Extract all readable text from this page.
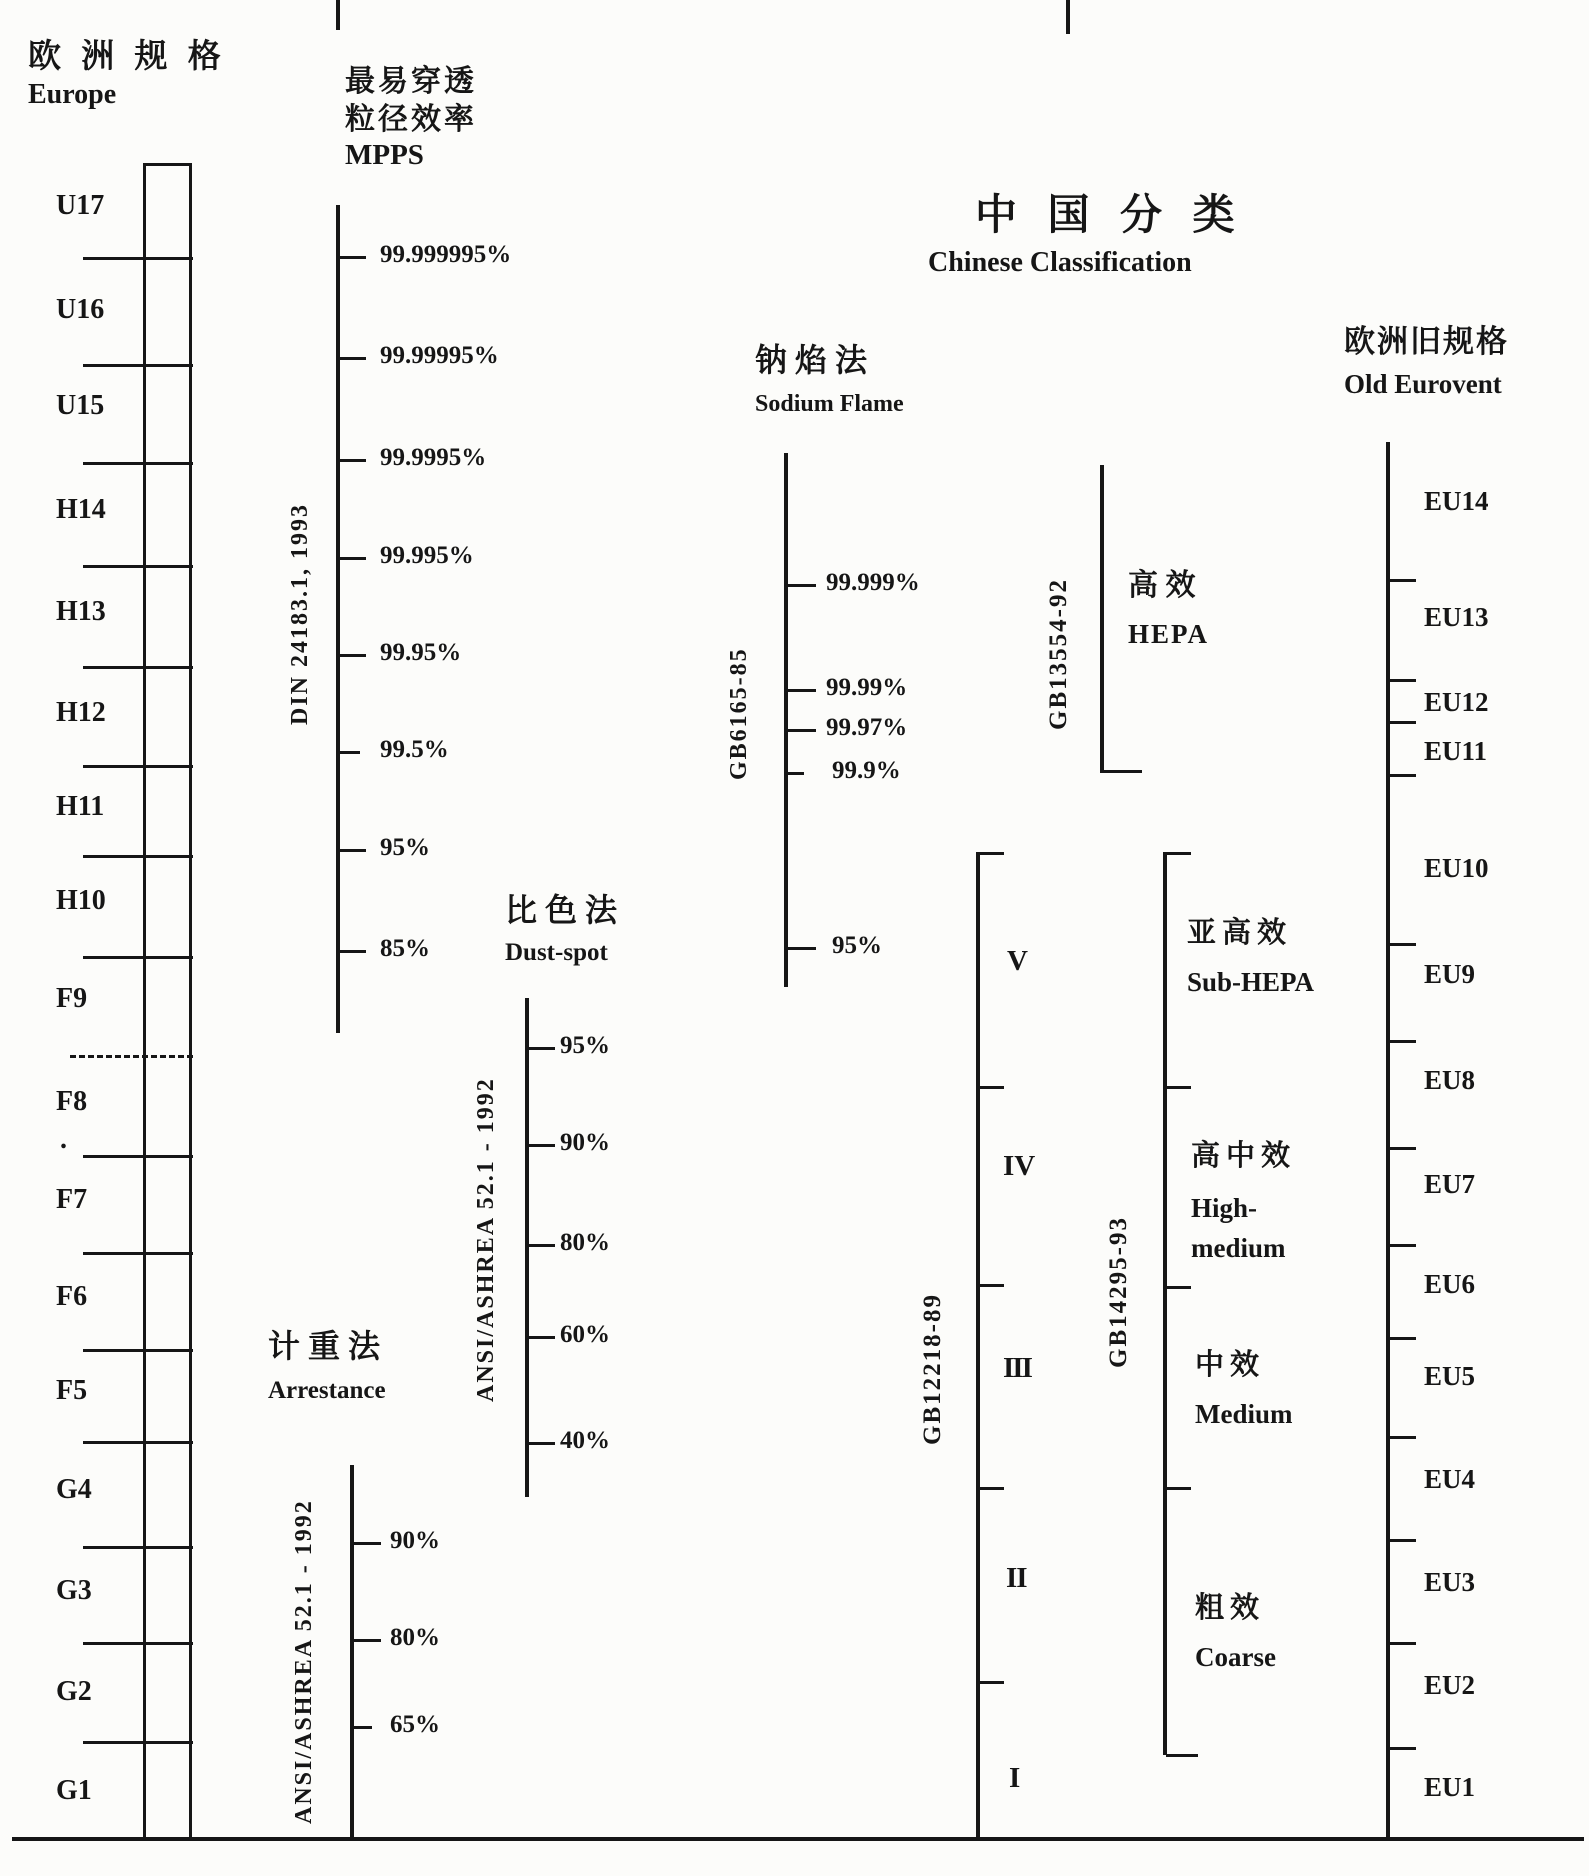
欧 洲 规 格
Europe
U17
U16
U15
H14
H13
H12
H11
H10
F9
F8
F7
F6
F5
G4
G3
G2
G1
.
最易穿透
粒径效率
MPPS
DIN 24183.1, 1993
99.999995%
99.99995%
99.9995%
99.995%
99.95%
99.5%
95%
85%
中 国 分 类
Chinese Classification
钠 焰 法
Sodium Flame
GB6165-85
99.999%
99.99%
99.97%
99.9%
95%
GB13554-92 高 效
HEPA
GB12218-89
V
IV
III
II
I
GB14295-93
亚高效
Sub-HEPA
高中效
High-
medium
中效
Medium
粗效
Coarse
比 色 法
Dust-spot
ANSI/ASHREA 52.1 - 1992
95%
90%
80%
60%
40%
计 重 法
Arrestance
ANSI/ASHREA 52.1 - 1992	90%
80%
65%
欧洲旧规格
Old Eurovent
EU14
EU13
EU12
EU11
EU10
EU9
EU8
EU7
EU6
EU5
EU4
EU3
EU2
EU1
